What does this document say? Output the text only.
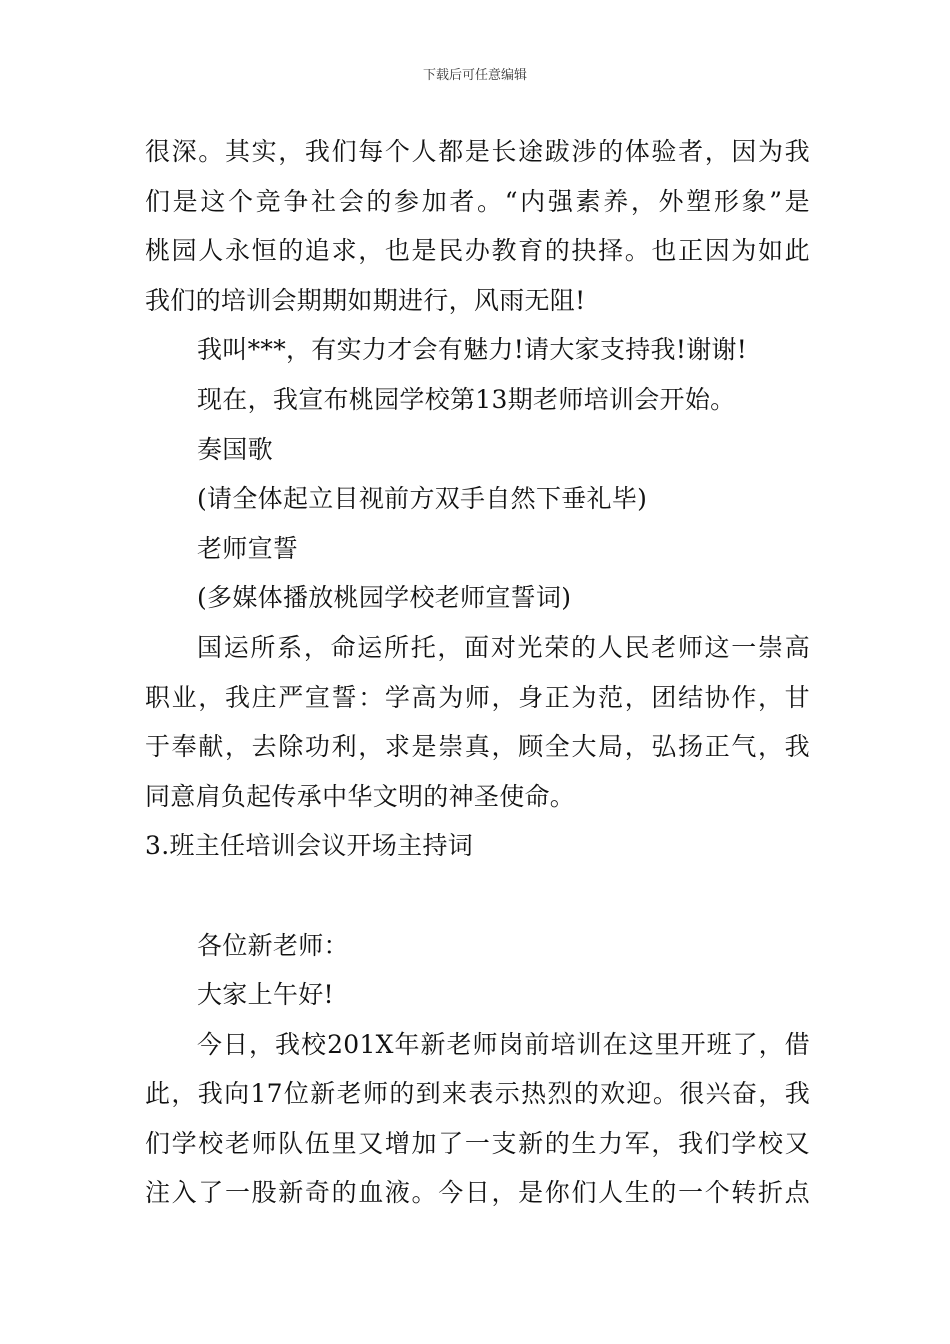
下载后可任意编辑
很深。其实，我们每个人都是长途跋涉的体验者，因为我
们是这个竞争社会的参加者。“内强素养，外塑形象”是
桃园人永恒的追求，也是民办教育的抉择。也正因为如此
我们的培训会期期如期进行，风雨无阻!
我叫***，有实力才会有魅力!请大家支持我!谢谢!
现在，我宣布桃园学校第13期老师培训会开始。
奏国歌
(请全体起立目视前方双手自然下垂礼毕)
老师宣誓
(多媒体播放桃园学校老师宣誓词)
国运所系，命运所托，面对光荣的人民老师这一崇高
职业，我庄严宣誓：学高为师，身正为范，团结协作，甘
于奉献，去除功利，求是崇真，顾全大局，弘扬正气，我
同意肩负起传承中华文明的神圣使命。
3.班主任培训会议开场主持词
各位新老师：
大家上午好!
今日，我校201X年新老师岗前培训在这里开班了，借
此，我向17位新老师的到来表示热烈的欢迎。很兴奋，我
们学校老师队伍里又增加了一支新的生力军，我们学校又
注入了一股新奇的血液。今日，是你们人生的一个转折点
